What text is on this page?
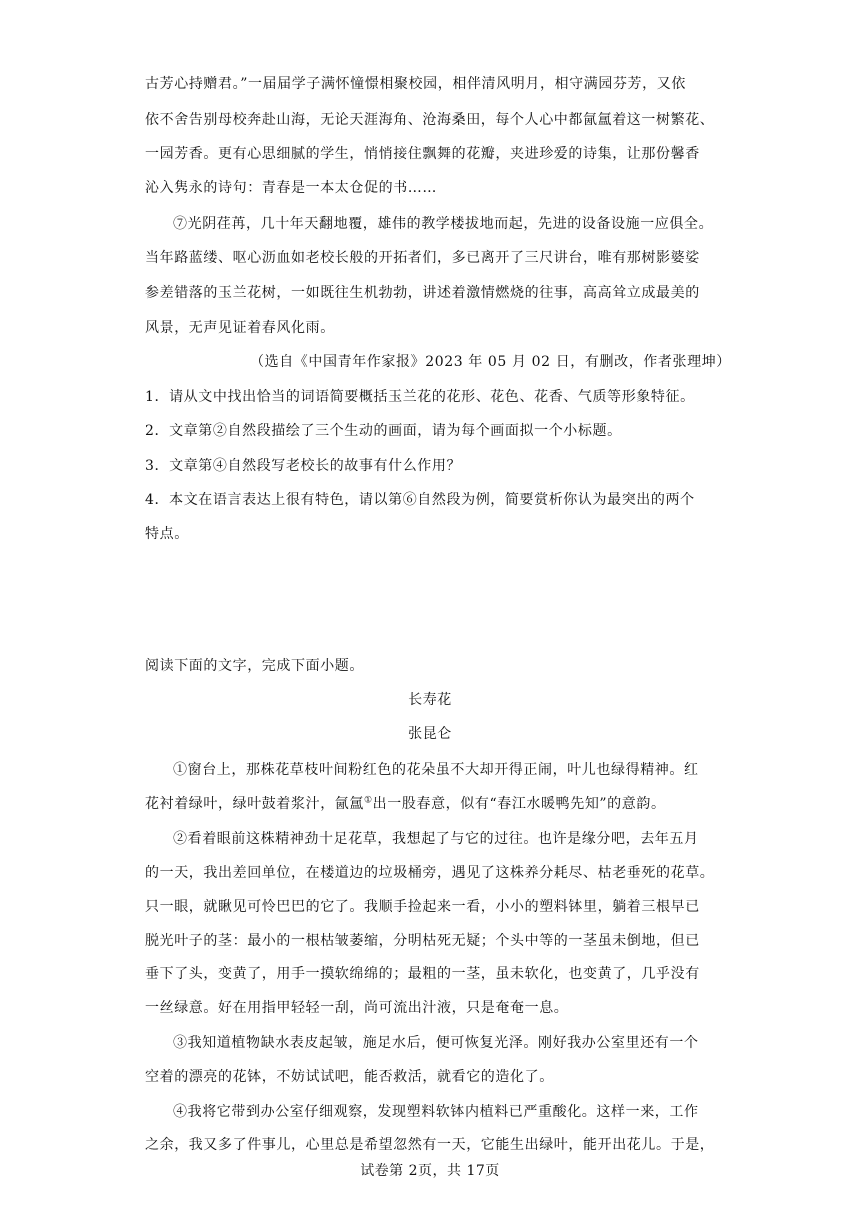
古芳心持赠君。”一届届学子满怀憧憬相聚校园，相伴清风明月，相守满园芬芳，又依
依不舍告别母校奔赴山海，无论天涯海角、沧海桑田，每个人心中都氤氲着这一树繁花、
一园芳香。更有心思细腻的学生，悄悄接住飘舞的花瓣，夹进珍爱的诗集，让那份馨香
沁入隽永的诗句：青春是一本太仓促的书……
⑦光阴荏苒，几十年天翻地覆，雄伟的教学楼拔地而起，先进的设备设施一应俱全。
当年路蓝缕、呕心沥血如老校长般的开拓者们，多已离开了三尺讲台，唯有那树影婆娑
参差错落的玉兰花树，一如既往生机勃勃，讲述着激情燃烧的往事，高高耸立成最美的
风景，无声见证着春风化雨。
（选自《中国青年作家报》2023 年 05 月 02 日，有删改，作者张理坤）
1．请从文中找出恰当的词语简要概括玉兰花的花形、花色、花香、气质等形象特征。
2．文章第②自然段描绘了三个生动的画面，请为每个画面拟一个小标题。
3．文章第④自然段写老校长的故事有什么作用？
4．本文在语言表达上很有特色，请以第⑥自然段为例，简要赏析你认为最突出的两个
特点。
阅读下面的文字，完成下面小题。
长寿花
张昆仑
①窗台上，那株花草枝叶间粉红色的花朵虽不大却开得正闹，叶儿也绿得精神。红
花衬着绿叶，绿叶鼓着浆汁，氤氲①出一股春意，似有“春江水暖鸭先知”的意韵。
②看着眼前这株精神劲十足花草，我想起了与它的过往。也许是缘分吧，去年五月
的一天，我出差回单位，在楼道边的垃圾桶旁，遇见了这株养分耗尽、枯老垂死的花草。
只一眼，就瞅见可怜巴巴的它了。我顺手捡起来一看，小小的塑料钵里，躺着三根早已
脱光叶子的茎：最小的一根枯皱萎缩，分明枯死无疑；个头中等的一茎虽未倒地，但已
垂下了头，变黄了，用手一摸软绵绵的；最粗的一茎，虽未软化，也变黄了，几乎没有
一丝绿意。好在用指甲轻轻一刮，尚可流出汁液，只是奄奄一息。
③我知道植物缺水表皮起皱，施足水后，便可恢复光泽。刚好我办公室里还有一个
空着的漂亮的花钵，不妨试试吧，能否救活，就看它的造化了。
④我将它带到办公室仔细观察，发现塑料软钵内植料已严重酸化。这样一来，工作
之余，我又多了件事儿，心里总是希望忽然有一天，它能生出绿叶，能开出花儿。于是，
试卷第 2页，共 17页
